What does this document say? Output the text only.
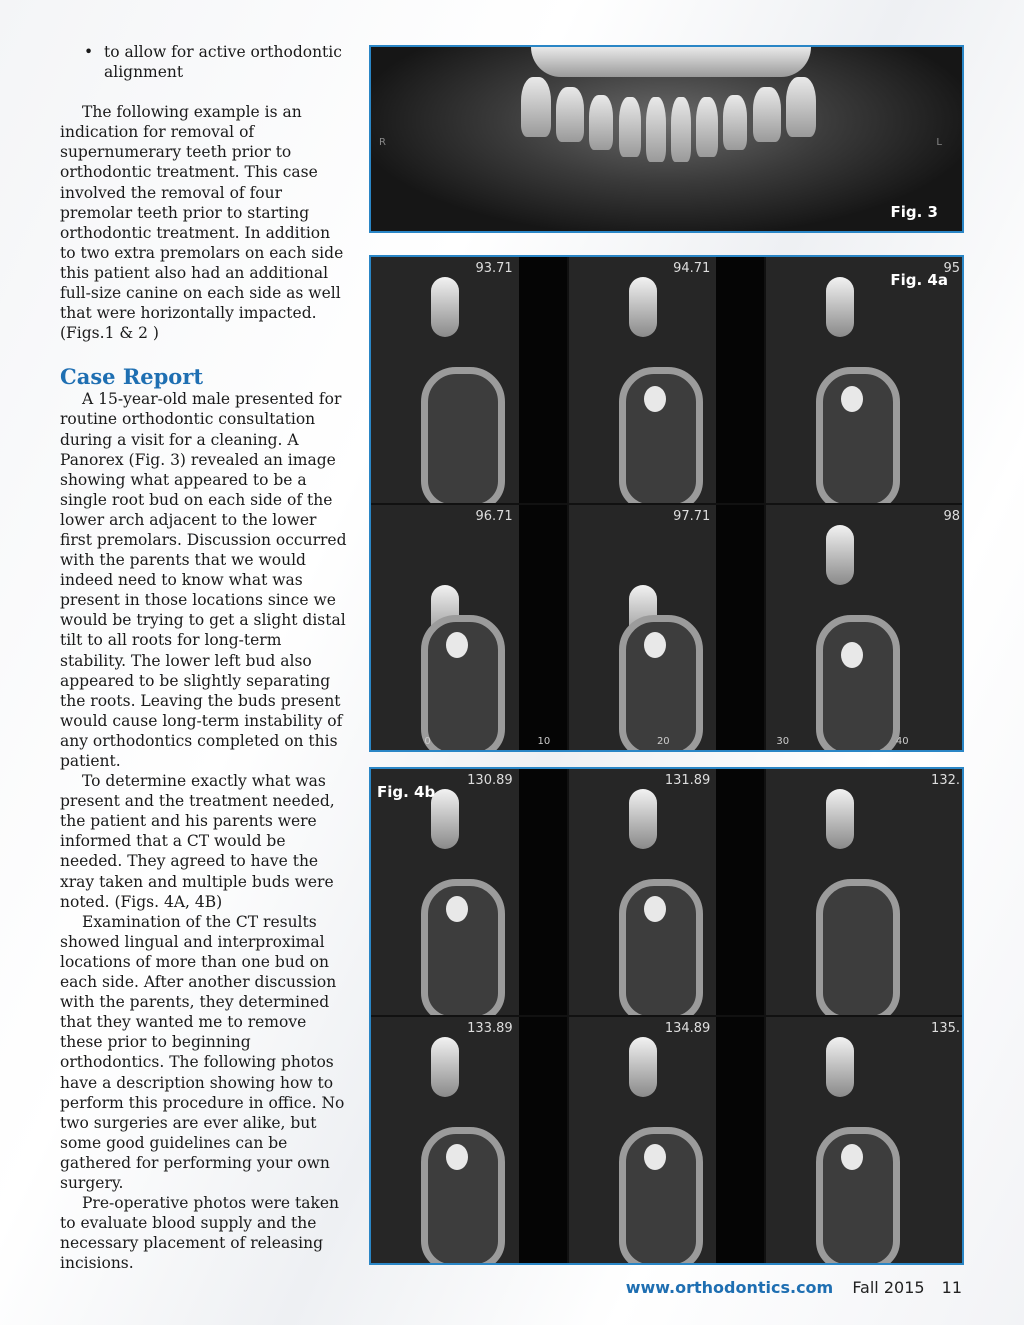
• to allow for active orthodontic alignment

The following example is an indication for removal of supernumerary teeth prior to orthodontic treatment. This case involved the removal of four premolar teeth prior to starting orthodontic treatment. In addition to two extra premolars on each side this patient also had an additional full-size canine on each side as well that were horizontally impacted. (Figs.1 & 2 )

Case Report

A 15-year-old male presented for routine orthodontic consultation during a visit for a cleaning. A Panorex (Fig. 3) revealed an image showing what appeared to be a single root bud on each side of the lower arch adjacent to the lower first premolars. Discussion occurred with the parents that we would indeed need to know what was present in those locations since we would be trying to get a slight distal tilt to all roots for long-term stability. The lower left bud also appeared to be slightly separating the roots. Leaving the buds present would cause long-term instability of any orthodontics completed on this patient.

To determine exactly what was present and the treatment needed, the patient and his parents were informed that a CT would be needed. They agreed to have the xray taken and multiple buds were noted. (Figs. 4A, 4B)

Examination of the CT results showed lingual and interproximal locations of more than one bud on each side. After another discussion with the parents, they determined that they wanted me to remove these prior to beginning orthodontics. The following photos have a description showing how to perform this procedure in office. No two surgeries are ever alike, but some good guidelines can be gathered for performing your own surgery.

Pre-operative photos were taken to evaluate blood supply and the necessary placement of releasing incisions.

R	L
Fig. 3
93.71	94.71	95
96.71	97.71	98
0	10	20	30	40
Fig. 4a
130.89	131.89	132.
133.89	134.89	135.
Fig. 4b
www.orthodontics.com Fall 2015 11
